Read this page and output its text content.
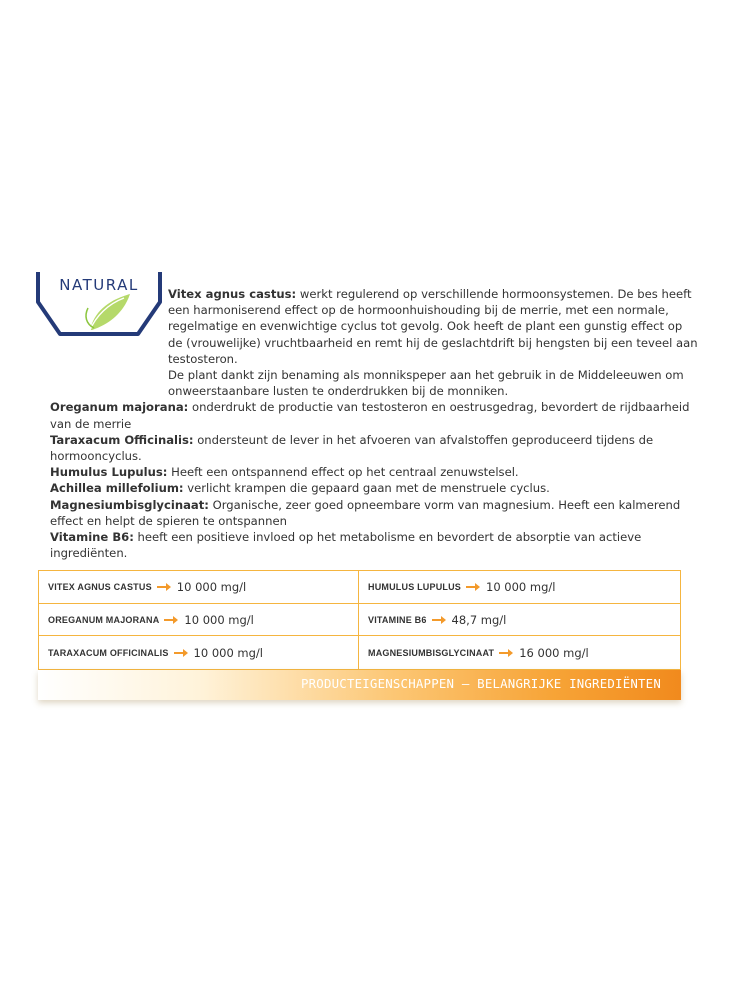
NATURAL	Vitex agnus castus: werkt regulerend op verschillende hormoonsystemen. De bes heeft een harmoniserend effect op de hormoonhuishouding bij de merrie, met een normale, regelmatige en evenwichtige cyclus tot gevolg. Ook heeft de plant een gunstig effect op de (vrouwelijke) vruchtbaarheid en remt hij de geslachtdrift bij hengsten bij een teveel aan testosteron.

De plant dankt zijn benaming als monnikspeper aan het gebruik in de Middeleeuwen om onweerstaanbare lusten te onderdrukken bij de monniken.

Oreganum majorana: onderdrukt de productie van testosteron en oestrusgedrag, bevordert de rijdbaarheid van de merrie

Taraxacum Officinalis: ondersteunt de lever in het afvoeren van afvalstoffen geproduceerd tijdens de hormooncyclus.

Humulus Lupulus: Heeft een ontspannend effect op het centraal zenuwstelsel.

Achillea millefolium: verlicht krampen die gepaard gaan met de menstruele cyclus.

Magnesiumbisglycinaat: Organische, zeer goed opneembare vorm van magnesium. Heeft een kalmerend effect en helpt de spieren te ontspannen

Vitamine B6: heeft een positieve invloed op het metabolisme en bevordert de absorptie van actieve ingrediënten.

VITEX AGNUS CASTUS 10 000 mg/l	HUMULUS LUPULUS 10 000 mg/l
OREGANUM MAJORANA 10 000 mg/l	VITAMINE B6 48,7 mg/l
TARAXACUM OFFICINALIS 10 000 mg/l	MAGNESIUMBISGLYCINAAT 16 000 mg/l
PRODUCTEIGENSCHAPPEN – BELANGRIJKE INGREDIËNTEN
